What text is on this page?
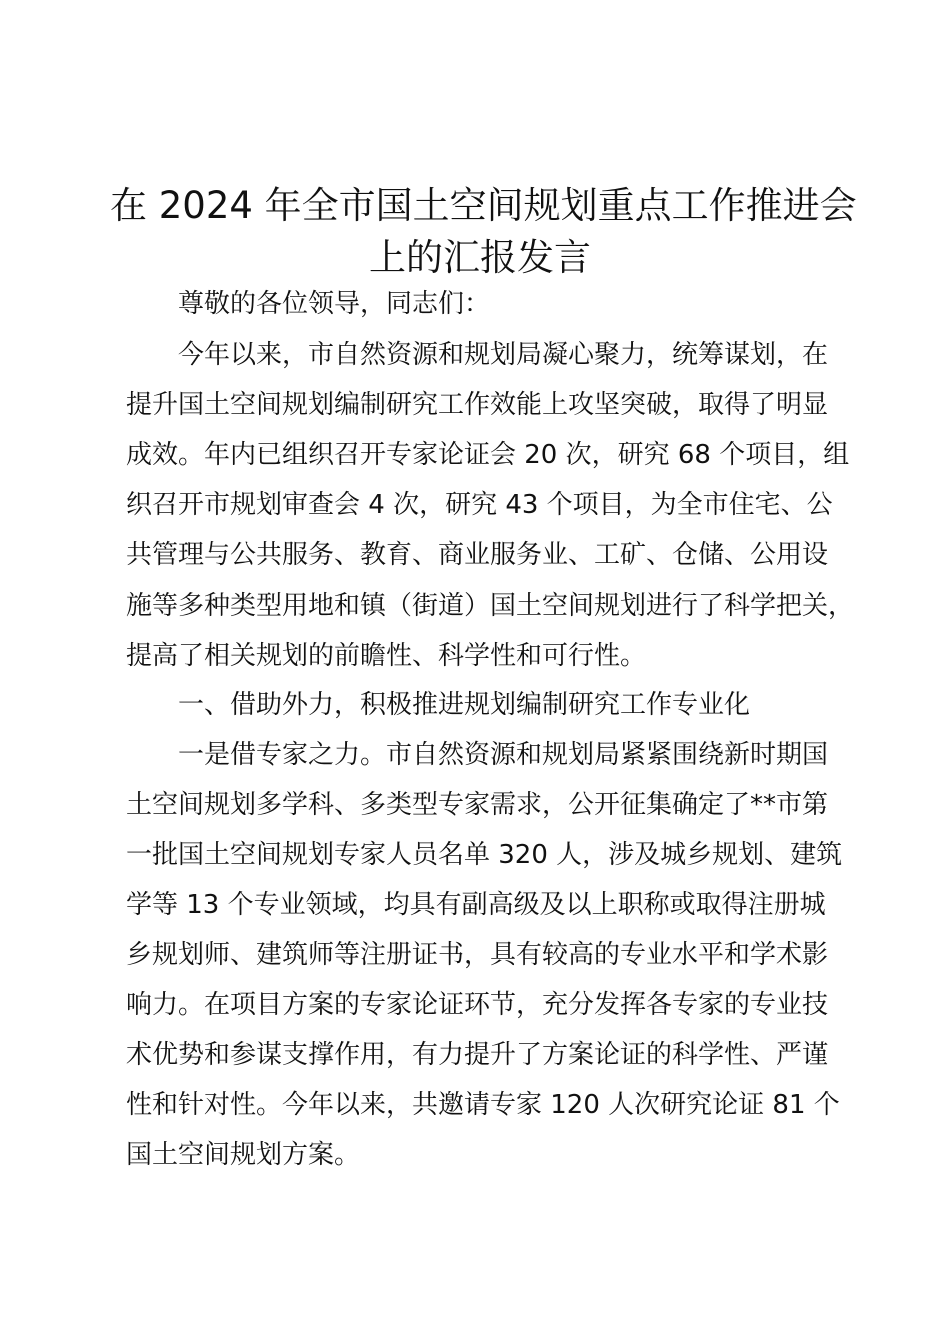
在 2024 年全市国土空间规划重点工作推进会
上的汇报发言

尊敬的各位领导，同志们：

今年以来，市自然资源和规划局凝心聚力，统筹谋划，在

提升国土空间规划编制研究工作效能上攻坚突破，取得了明显

成效。年内已组织召开专家论证会 20 次，研究 68 个项目，组

织召开市规划审查会 4 次，研究 43 个项目，为全市住宅、公

共管理与公共服务、教育、商业服务业、工矿、仓储、公用设

施等多种类型用地和镇（街道）国土空间规划进行了科学把关，

提高了相关规划的前瞻性、科学性和可行性。

一、借助外力，积极推进规划编制研究工作专业化

一是借专家之力。市自然资源和规划局紧紧围绕新时期国

土空间规划多学科、多类型专家需求，公开征集确定了**市第

一批国土空间规划专家人员名单 320 人，涉及城乡规划、建筑

学等 13 个专业领域，均具有副高级及以上职称或取得注册城

乡规划师、建筑师等注册证书，具有较高的专业水平和学术影

响力。在项目方案的专家论证环节，充分发挥各专家的专业技

术优势和参谋支撑作用，有力提升了方案论证的科学性、严谨

性和针对性。今年以来，共邀请专家 120 人次研究论证 81 个

国土空间规划方案。
